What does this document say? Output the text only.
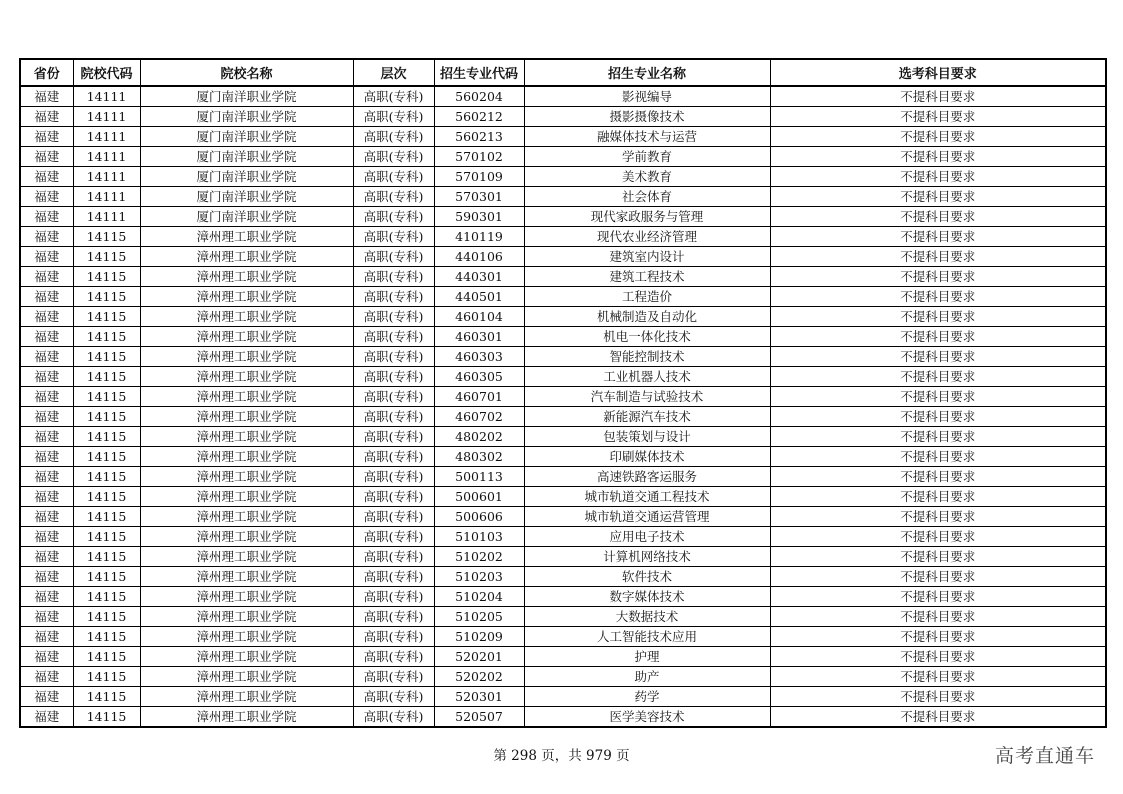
省份	院校代码	院校名称	层次	招生专业代码	招生专业名称	选考科目要求
福建	14111	厦门南洋职业学院	高职(专科)	560204	影视编导	不提科目要求
福建	14111	厦门南洋职业学院	高职(专科)	560212	摄影摄像技术	不提科目要求
福建	14111	厦门南洋职业学院	高职(专科)	560213	融媒体技术与运营	不提科目要求
福建	14111	厦门南洋职业学院	高职(专科)	570102	学前教育	不提科目要求
福建	14111	厦门南洋职业学院	高职(专科)	570109	美术教育	不提科目要求
福建	14111	厦门南洋职业学院	高职(专科)	570301	社会体育	不提科目要求
福建	14111	厦门南洋职业学院	高职(专科)	590301	现代家政服务与管理	不提科目要求
福建	14115	漳州理工职业学院	高职(专科)	410119	现代农业经济管理	不提科目要求
福建	14115	漳州理工职业学院	高职(专科)	440106	建筑室内设计	不提科目要求
福建	14115	漳州理工职业学院	高职(专科)	440301	建筑工程技术	不提科目要求
福建	14115	漳州理工职业学院	高职(专科)	440501	工程造价	不提科目要求
福建	14115	漳州理工职业学院	高职(专科)	460104	机械制造及自动化	不提科目要求
福建	14115	漳州理工职业学院	高职(专科)	460301	机电一体化技术	不提科目要求
福建	14115	漳州理工职业学院	高职(专科)	460303	智能控制技术	不提科目要求
福建	14115	漳州理工职业学院	高职(专科)	460305	工业机器人技术	不提科目要求
福建	14115	漳州理工职业学院	高职(专科)	460701	汽车制造与试验技术	不提科目要求
福建	14115	漳州理工职业学院	高职(专科)	460702	新能源汽车技术	不提科目要求
福建	14115	漳州理工职业学院	高职(专科)	480202	包装策划与设计	不提科目要求
福建	14115	漳州理工职业学院	高职(专科)	480302	印刷媒体技术	不提科目要求
福建	14115	漳州理工职业学院	高职(专科)	500113	高速铁路客运服务	不提科目要求
福建	14115	漳州理工职业学院	高职(专科)	500601	城市轨道交通工程技术	不提科目要求
福建	14115	漳州理工职业学院	高职(专科)	500606	城市轨道交通运营管理	不提科目要求
福建	14115	漳州理工职业学院	高职(专科)	510103	应用电子技术	不提科目要求
福建	14115	漳州理工职业学院	高职(专科)	510202	计算机网络技术	不提科目要求
福建	14115	漳州理工职业学院	高职(专科)	510203	软件技术	不提科目要求
福建	14115	漳州理工职业学院	高职(专科)	510204	数字媒体技术	不提科目要求
福建	14115	漳州理工职业学院	高职(专科)	510205	大数据技术	不提科目要求
福建	14115	漳州理工职业学院	高职(专科)	510209	人工智能技术应用	不提科目要求
福建	14115	漳州理工职业学院	高职(专科)	520201	护理	不提科目要求
福建	14115	漳州理工职业学院	高职(专科)	520202	助产	不提科目要求
福建	14115	漳州理工职业学院	高职(专科)	520301	药学	不提科目要求
福建	14115	漳州理工职业学院	高职(专科)	520507	医学美容技术	不提科目要求
第 298 页，共 979 页	高考直通车
